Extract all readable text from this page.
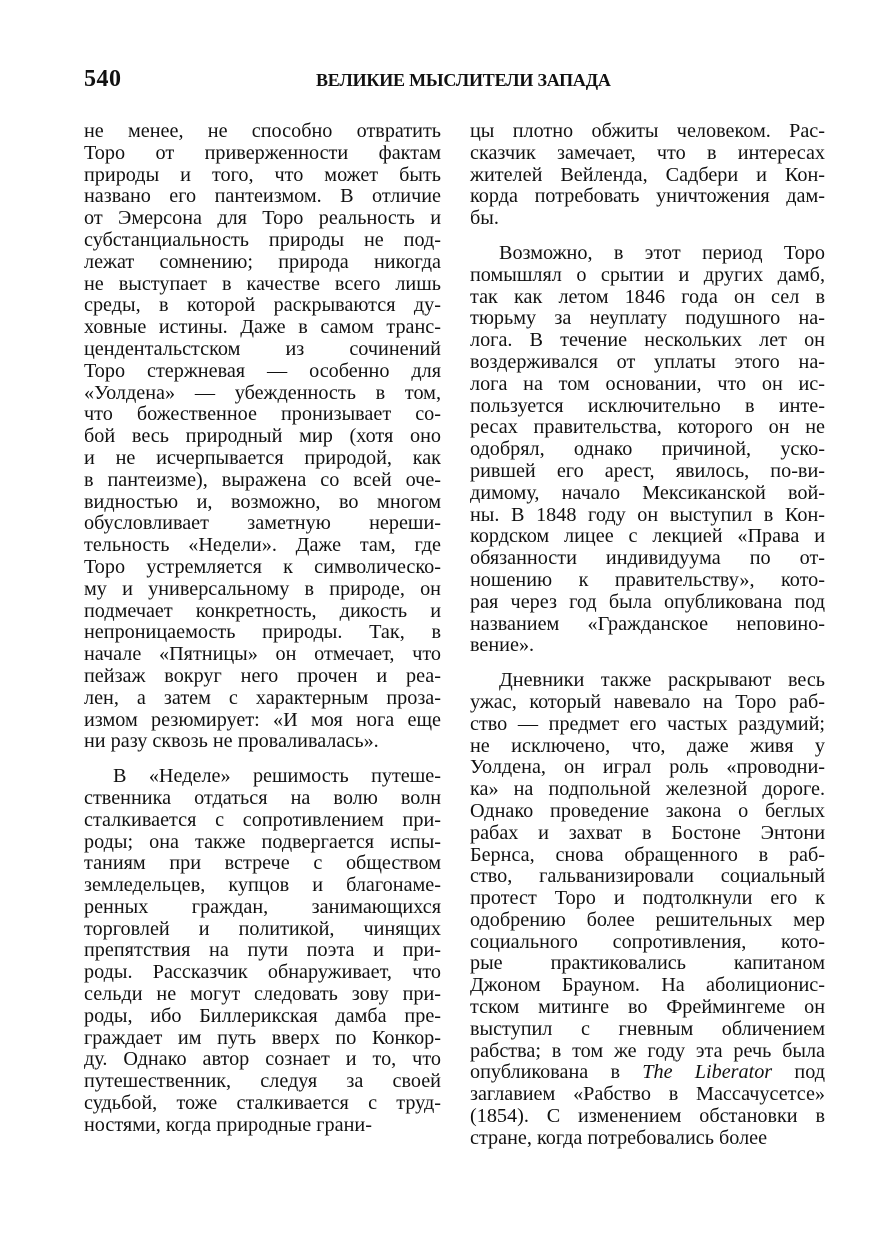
540	ВЕЛИКИЕ МЫСЛИТЕЛИ ЗАПАДА
не менее, не способно отвратить
Торо от приверженности фактам
природы и того, что может быть
названо его пантеизмом. В отличие
от Эмерсона для Торо реальность и
субстанциальность природы не под-
лежат сомнению; природа никогда
не выступает в качестве всего лишь
среды, в которой раскрываются ду-
ховные истины. Даже в самом транс-
цендентальстском из сочинений
Торо стержневая — особенно для
«Уолдена» — убежденность в том,
что божественное пронизывает со-
бой весь природный мир (хотя оно
и не исчерпывается природой, как
в пантеизме), выражена со всей оче-
видностью и, возможно, во многом
обусловливает заметную нереши-
тельность «Недели». Даже там, где
Торо устремляется к символическо-
му и универсальному в природе, он
подмечает конкретность, дикость и
непроницаемость природы. Так, в
начале «Пятницы» он отмечает, что
пейзаж вокруг него прочен и реа-
лен, а затем с характерным проза-
измом резюмирует: «И моя нога еще
ни разу сквозь не проваливалась».
В «Неделе» решимость путеше-
ственника отдаться на волю волн
сталкивается с сопротивлением при-
роды; она также подвергается испы-
таниям при встрече с обществом
земледельцев, купцов и благонаме-
ренных граждан, занимающихся
торговлей и политикой, чинящих
препятствия на пути поэта и при-
роды. Рассказчик обнаруживает, что
сельди не могут следовать зову при-
роды, ибо Биллерикская дамба пре-
граждает им путь вверх по Конкор-
ду. Однако автор сознает и то, что
путешественник, следуя за своей
судьбой, тоже сталкивается с труд-
ностями, когда природные грани-
цы плотно обжиты человеком. Рас-
сказчик замечает, что в интересах
жителей Вейленда, Садбери и Кон-
корда потребовать уничтожения дам-
бы.
Возможно, в этот период Торо
помышлял о срытии и других дамб,
так как летом 1846 года он сел в
тюрьму за неуплату подушного на-
лога. В течение нескольких лет он
воздерживался от уплаты этого на-
лога на том основании, что он ис-
пользуется исключительно в инте-
ресах правительства, которого он не
одобрял, однако причиной, уско-
рившей его арест, явилось, по-ви-
димому, начало Мексиканской вой-
ны. В 1848 году он выступил в Кон-
кордском лицее с лекцией «Права и
обязанности индивидуума по от-
ношению к правительству», кото-
рая через год была опубликована под
названием «Гражданское неповино-
вение».
Дневники также раскрывают весь
ужас, который навевало на Торо раб-
ство — предмет его частых раздумий;
не исключено, что, даже живя у
Уолдена, он играл роль «проводни-
ка» на подпольной железной дороге.
Однако проведение закона о беглых
рабах и захват в Бостоне Энтони
Бернса, снова обращенного в раб-
ство, гальванизировали социальный
протест Торо и подтолкнули его к
одобрению более решительных мер
социального сопротивления, кото-
рые практиковались капитаном
Джоном Брауном. На аболиционис-
тском митинге во Фреймингеме он
выступил с гневным обличением
рабства; в том же году эта речь была
опубликована в The Liberator под
заглавием «Рабство в Массачусетсе»
(1854). С изменением обстановки в
стране, когда потребовались более
